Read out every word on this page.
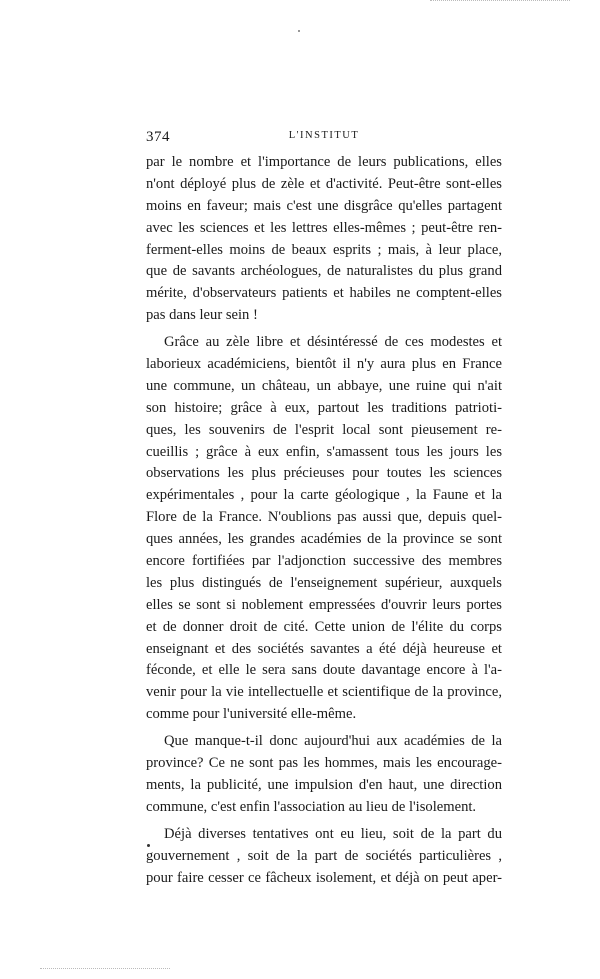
374	L'INSTITUT
par le nombre et l'importance de leurs publications, elles
n'ont déployé plus de zèle et d'activité. Peut-être sont-elles
moins en faveur; mais c'est une disgrâce qu'elles partagent
avec les sciences et les lettres elles-mêmes ; peut-être ren-
ferment-elles moins de beaux esprits ; mais, à leur place,
que de savants archéologues, de naturalistes du plus grand
mérite, d'observateurs patients et habiles ne comptent-elles
pas dans leur sein !
Grâce au zèle libre et désintéressé de ces modestes et
laborieux académiciens, bientôt il n'y aura plus en France
une commune, un château, un abbaye, une ruine qui n'ait
son histoire; grâce à eux, partout les traditions patrioti-
ques, les souvenirs de l'esprit local sont pieusement re-
cueillis ; grâce à eux enfin, s'amassent tous les jours les
observations les plus précieuses pour toutes les sciences
expérimentales , pour la carte géologique , la Faune et la
Flore de la France. N'oublions pas aussi que, depuis quel-
ques années, les grandes académies de la province se sont
encore fortifiées par l'adjonction successive des membres
les plus distingués de l'enseignement supérieur, auxquels
elles se sont si noblement empressées d'ouvrir leurs portes
et de donner droit de cité. Cette union de l'élite du corps
enseignant et des sociétés savantes a été déjà heureuse et
féconde, et elle le sera sans doute davantage encore à l'a-
venir pour la vie intellectuelle et scientifique de la province,
comme pour l'université elle-même.
Que manque-t-il donc aujourd'hui aux académies de la
province? Ce ne sont pas les hommes, mais les encourage-
ments, la publicité, une impulsion d'en haut, une direction
commune, c'est enfin l'association au lieu de l'isolement.
Déjà diverses tentatives ont eu lieu, soit de la part du
gouvernement , soit de la part de sociétés particulières ,
pour faire cesser ce fâcheux isolement, et déjà on peut aper-
